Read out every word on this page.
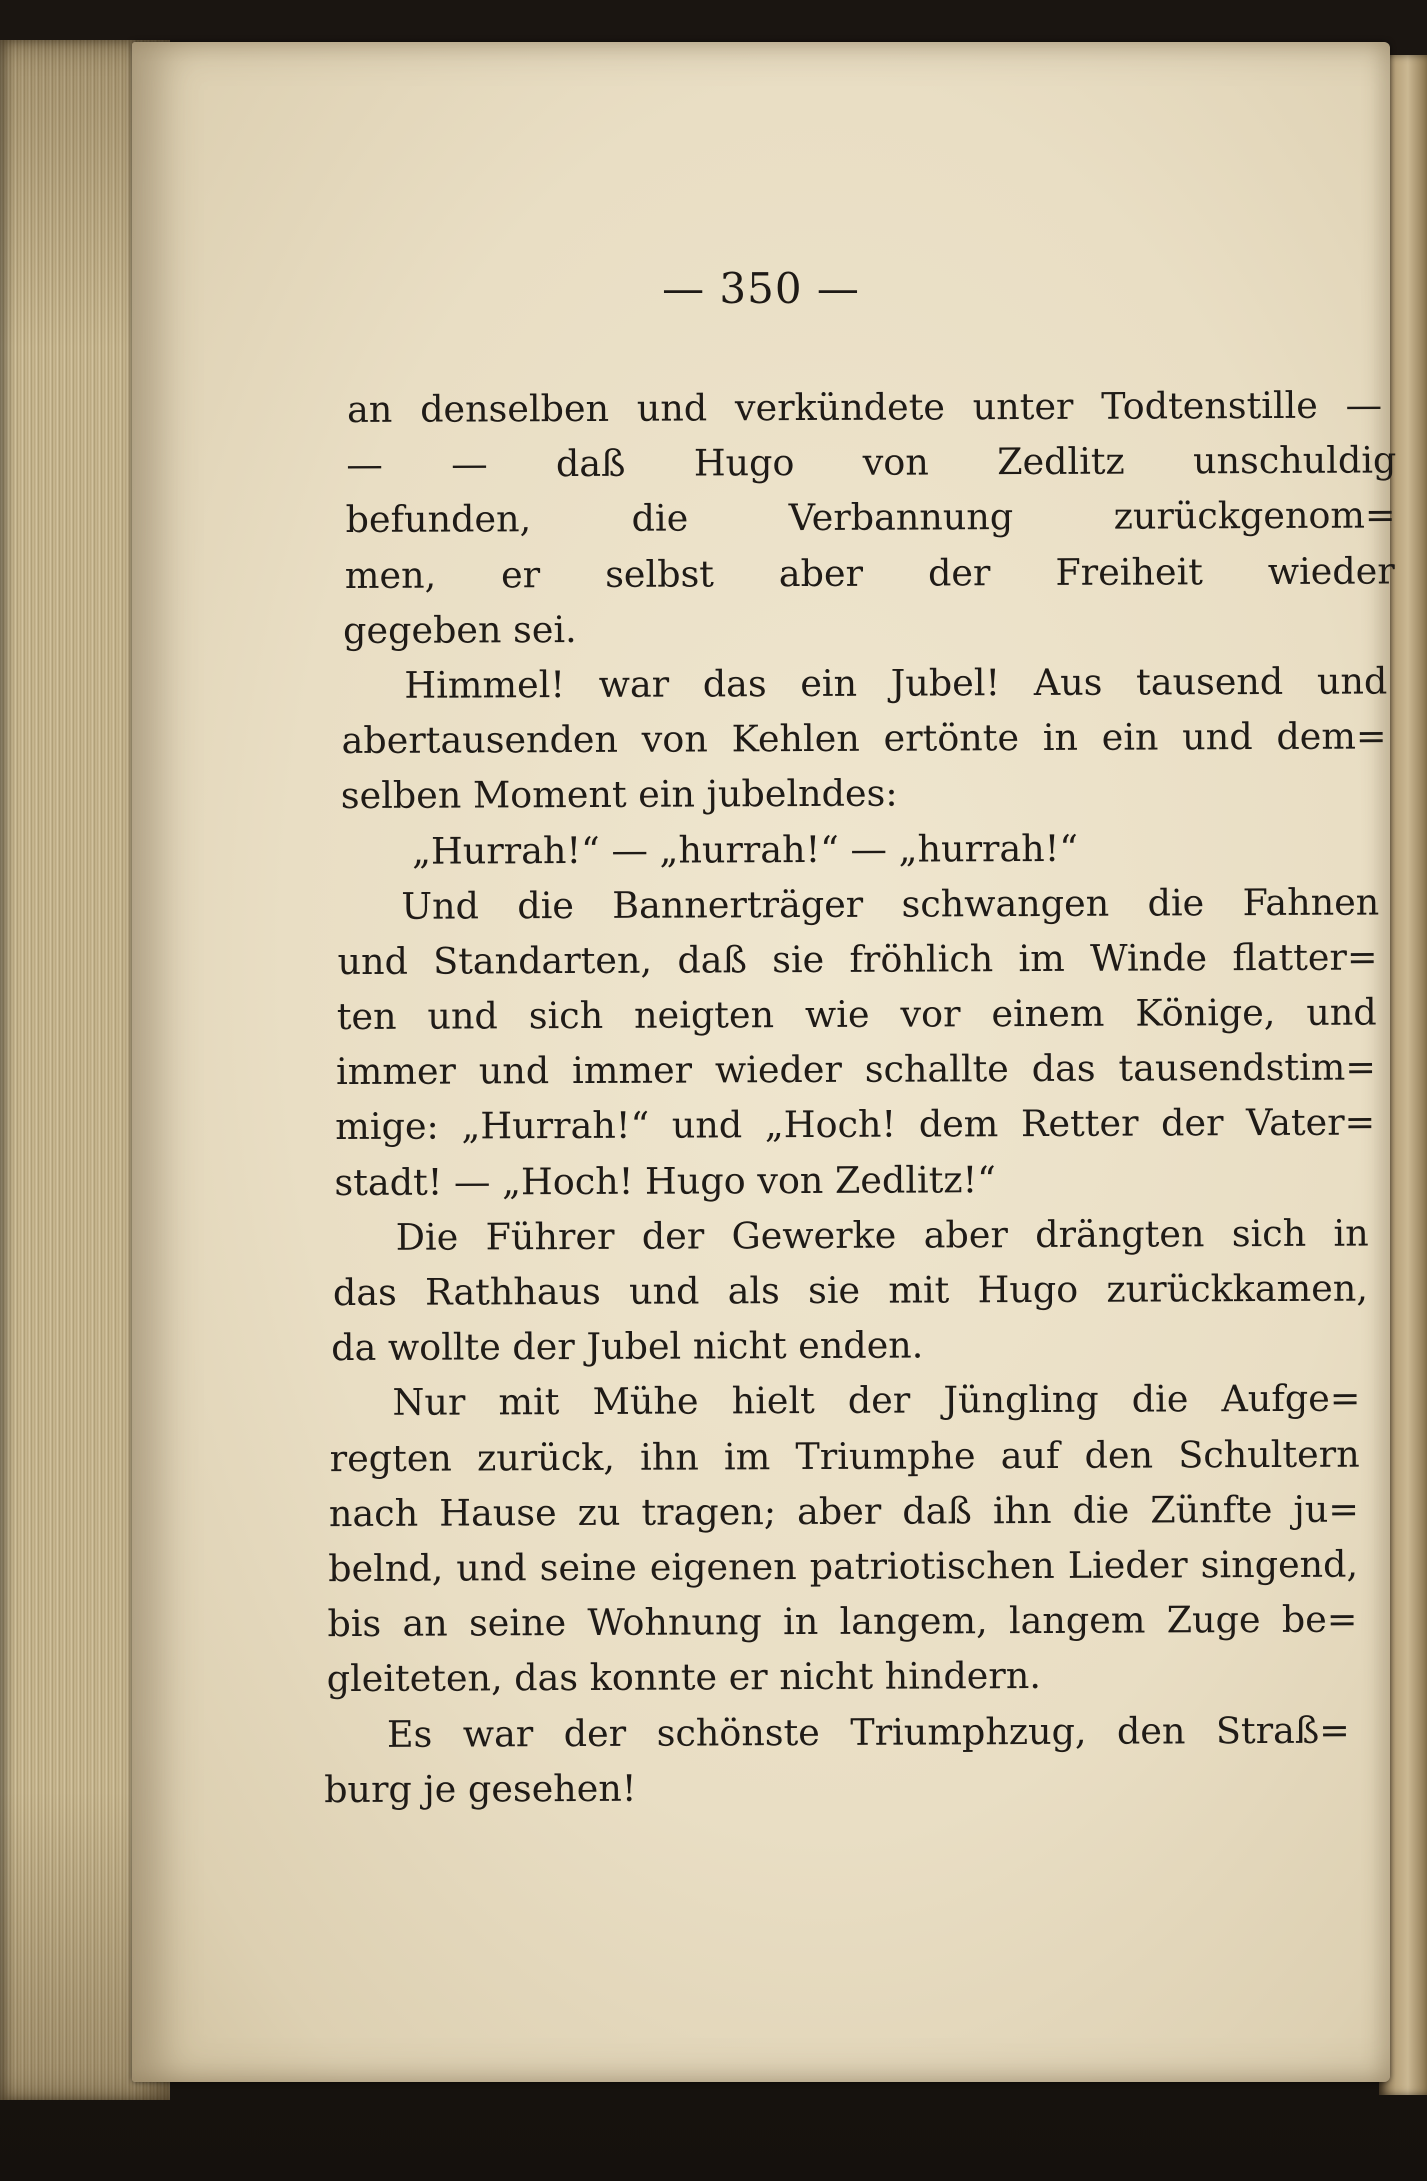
— 350 —
an denselben und verkündete unter Todtenstille —
— — daß Hugo von Zedlitz unschuldig
befunden,	die	Verbannung	zurückgenom=
men, er selbst aber der Freiheit wieder
gegeben sei.
Himmel! war das ein Jubel! Aus tausend und
abertausenden von Kehlen ertönte in ein und dem=
selben Moment ein jubelndes:
„Hurrah!“ — „hurrah!“ — „hurrah!“
Und die Bannerträger schwangen die Fahnen
und Standarten, daß sie fröhlich im Winde flatter=
ten und sich neigten wie vor einem Könige, und
immer und immer wieder schallte das tausendstim=
mige: „Hurrah!“ und „Hoch! dem Retter der Vater=
stadt! — „Hoch! Hugo von Zedlitz!“
Die Führer der Gewerke aber drängten sich in
das Rathhaus und als sie mit Hugo zurückkamen,
da wollte der Jubel nicht enden.
Nur mit Mühe hielt der Jüngling die Aufge=
regten zurück, ihn im Triumphe auf den Schultern
nach Hause zu tragen; aber daß ihn die Zünfte ju=
belnd, und seine eigenen patriotischen Lieder singend,
bis an seine Wohnung in langem, langem Zuge be=
gleiteten, das konnte er nicht hindern.
Es war der schönste Triumphzug, den Straß=
burg je gesehen!
